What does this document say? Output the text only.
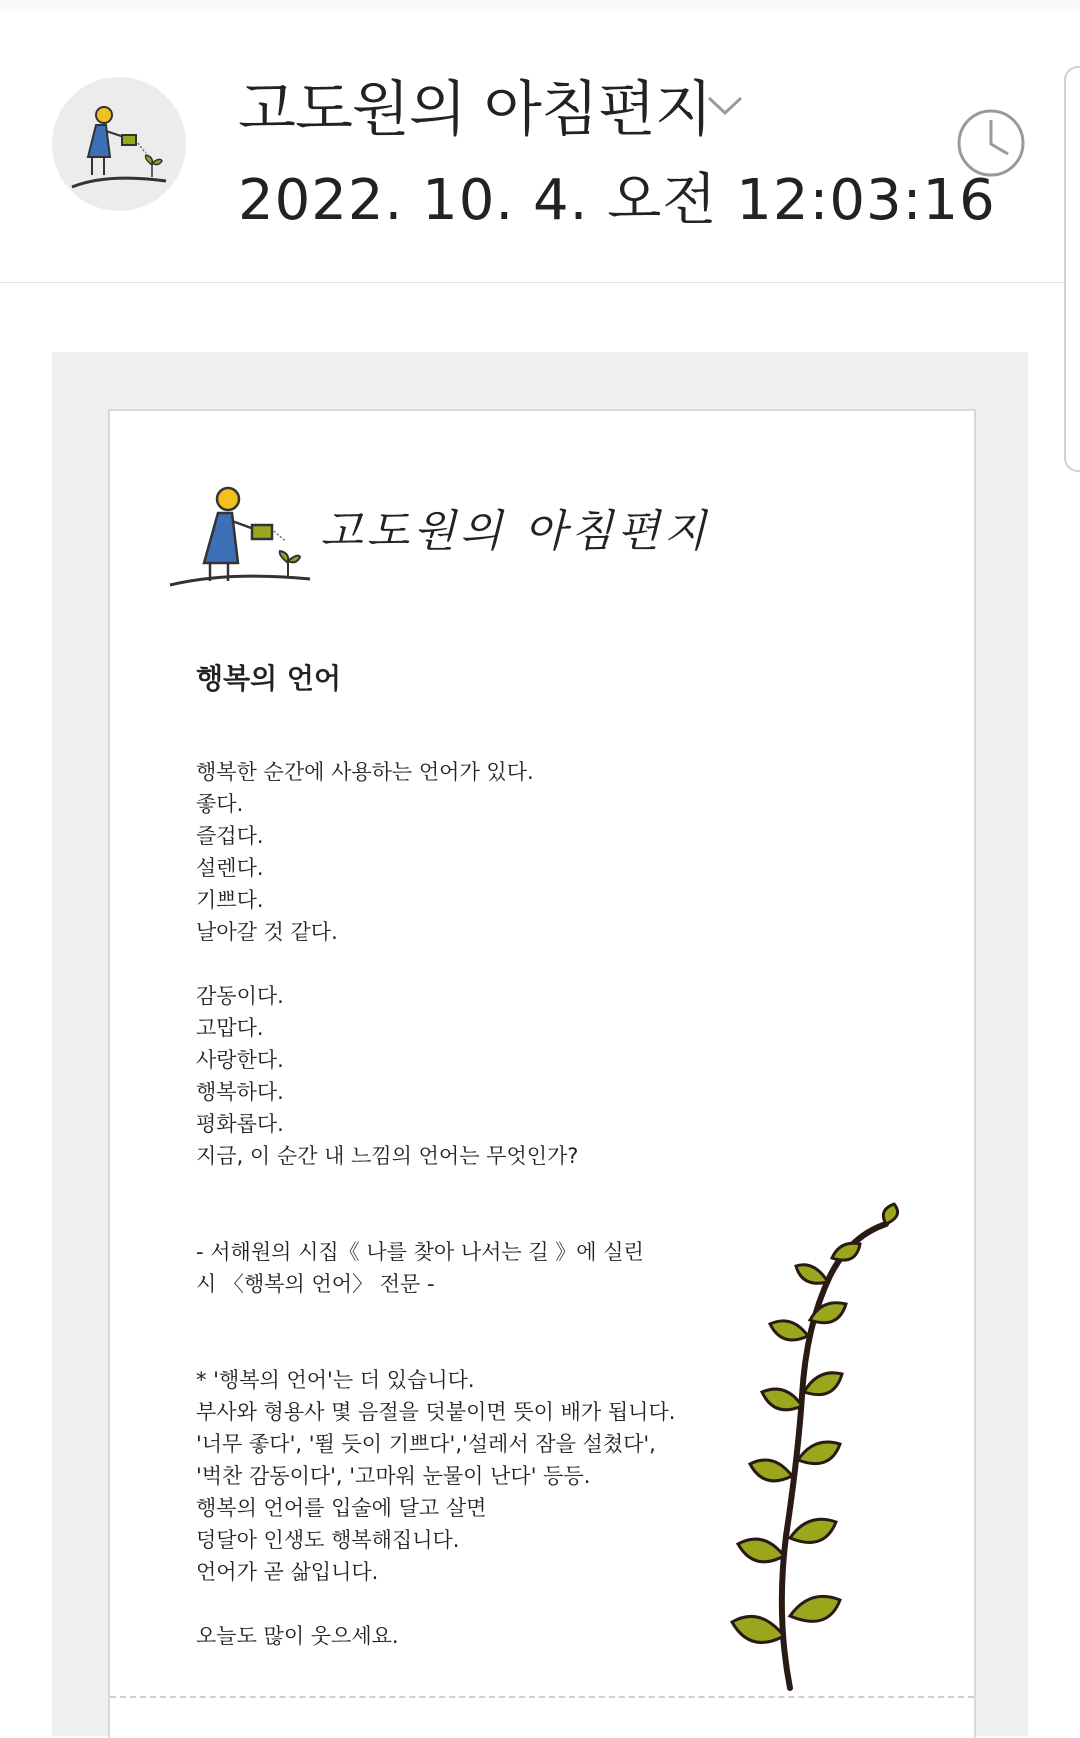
고도원의 아침편지
2022. 10. 4. 오전 12:03:16
고도원의 아침편지
행복의 언어
행복한 순간에 사용하는 언어가 있다.
좋다.
즐겁다.
설렌다.
기쁘다.
날아갈 것 같다.
감동이다.
고맙다.
사랑한다.
행복하다.
평화롭다.
지금, 이 순간 내 느낌의 언어는 무엇인가?
- 서해원의 시집《 나를 찾아 나서는 길 》에 실린
시 〈행복의 언어〉 전문 -
* '행복의 언어'는 더 있습니다.
부사와 형용사 몇 음절을 덧붙이면 뜻이 배가 됩니다.
'너무 좋다', '뛸 듯이 기쁘다','설레서 잠을 설쳤다',
'벅찬 감동이다', '고마워 눈물이 난다' 등등.
행복의 언어를 입술에 달고 살면
덩달아 인생도 행복해집니다.
언어가 곧 삶입니다.
오늘도 많이 웃으세요.
